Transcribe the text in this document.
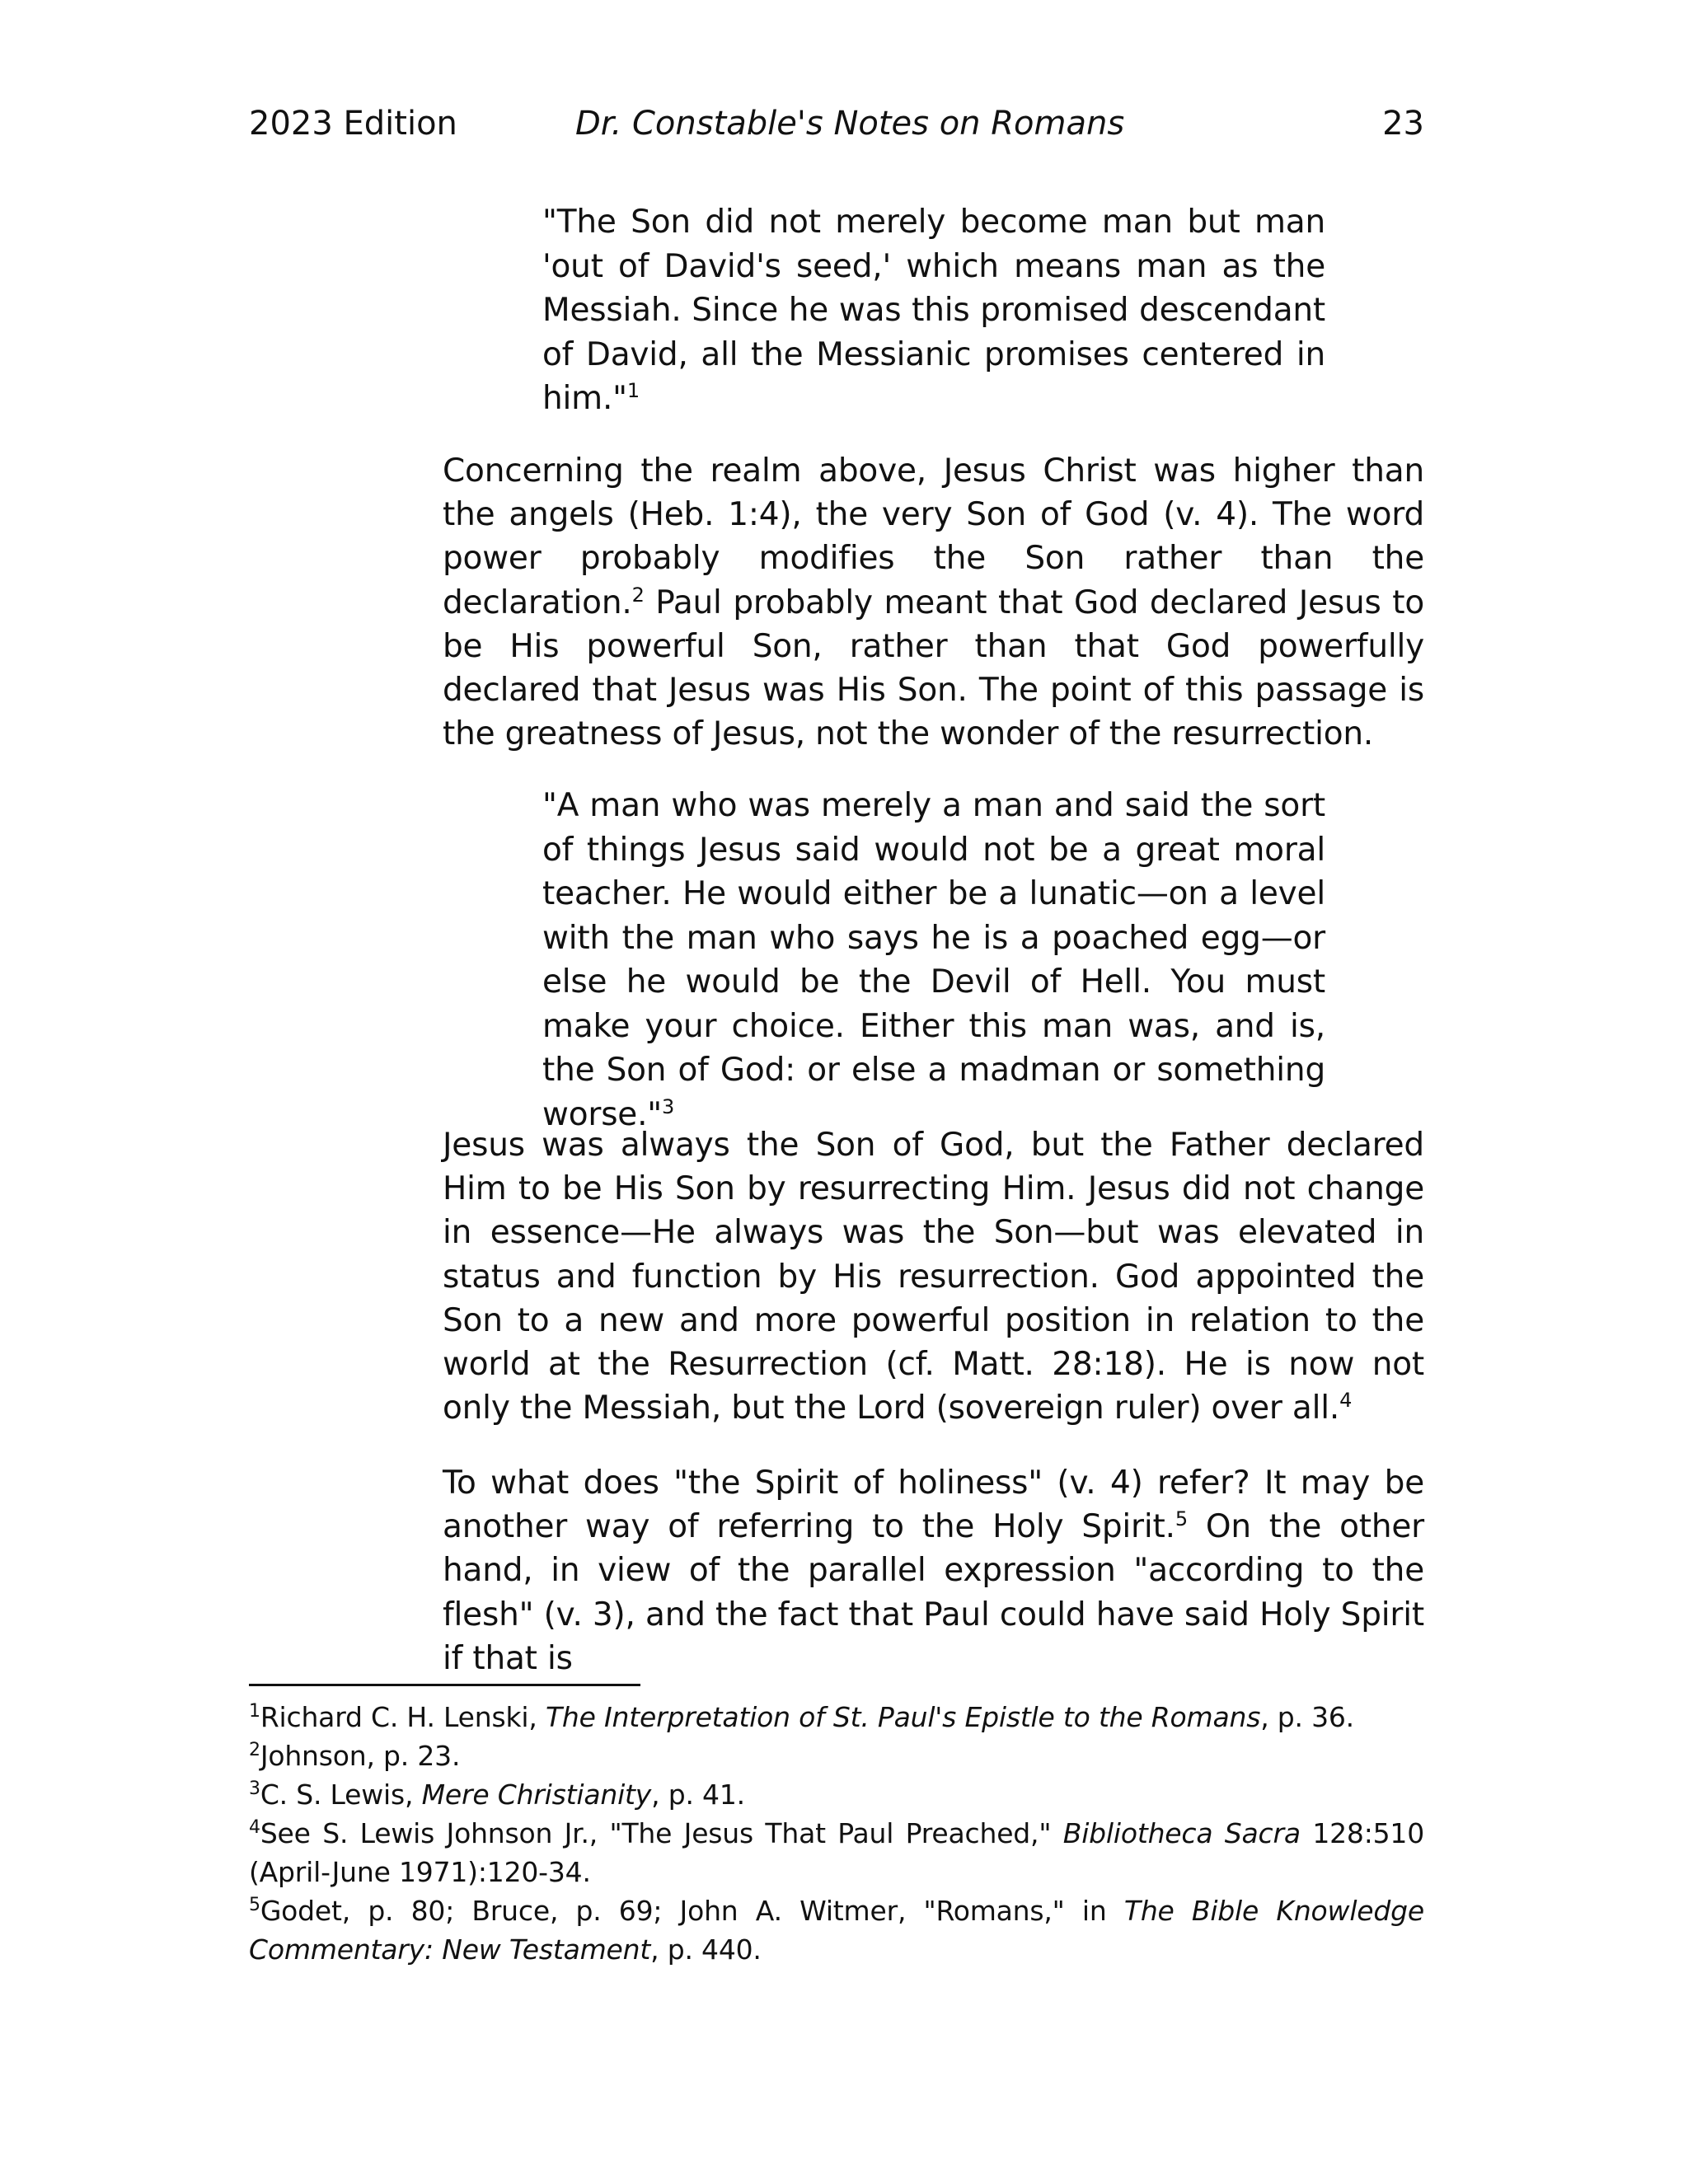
2023 Edition	Dr. Constable's Notes on Romans	23
"The Son did not merely become man but man 'out of David's seed,' which means man as the Messiah. Since he was this promised descendant of David, all the Messianic promises centered in him."$^1$
Concerning the realm above, Jesus Christ was higher than the angels (Heb. 1:4), the very Son of God (v. 4). The word power probably modifies the Son rather than the declaration.$^2$ Paul probably meant that God declared Jesus to be His powerful Son, rather than that God powerfully declared that Jesus was His Son. The point of this passage is the greatness of Jesus, not the wonder of the resurrection.
"A man who was merely a man and said the sort of things Jesus said would not be a great moral teacher. He would either be a lunatic—on a level with the man who says he is a poached egg—or else he would be the Devil of Hell. You must make your choice. Either this man was, and is, the Son of God: or else a madman or something worse."$^3$
Jesus was always the Son of God, but the Father declared Him to be His Son by resurrecting Him. Jesus did not change in essence—He always was the Son—but was elevated in status and function by His resurrection. God appointed the Son to a new and more powerful position in relation to the world at the Resurrection (cf. Matt. 28:18). He is now not only the Messiah, but the Lord (sovereign ruler) over all.$^4$
To what does "the Spirit of holiness" (v. 4) refer? It may be another way of referring to the Holy Spirit.$^5$ On the other hand, in view of the parallel expression "according to the flesh" (v. 3), and the fact that Paul could have said Holy Spirit if that is
$^1$Richard C. H. Lenski, The Interpretation of St. Paul's Epistle to the Romans, p. 36.
$^2$Johnson, p. 23.
$^3$C. S. Lewis, Mere Christianity, p. 41.
$^4$See S. Lewis Johnson Jr., "The Jesus That Paul Preached," Bibliotheca Sacra 128:510 (April-June 1971):120-34.
$^5$Godet, p. 80; Bruce, p. 69; John A. Witmer, "Romans," in The Bible Knowledge Commentary: New Testament, p. 440.
